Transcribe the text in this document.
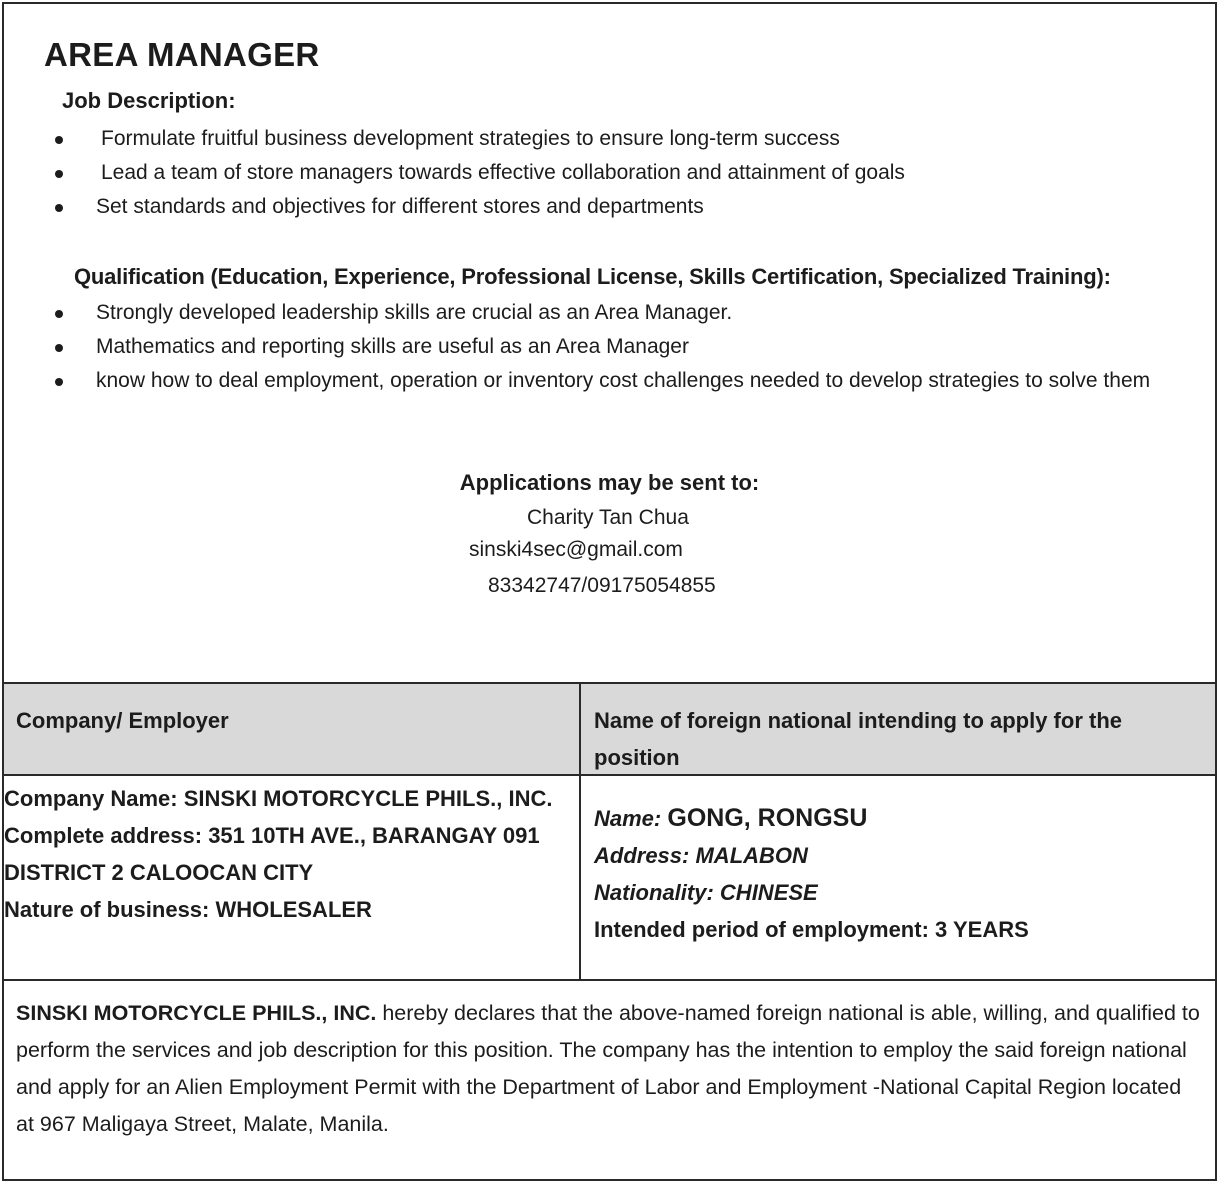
AREA MANAGER
Job Description:
Formulate fruitful business development strategies to ensure long-term success
Lead a team of store managers towards effective collaboration and attainment of goals
Set standards and objectives for different stores and departments
Qualification (Education, Experience, Professional License, Skills Certification, Specialized Training):
Strongly developed leadership skills are crucial as an Area Manager.
Mathematics and reporting skills are useful as an Area Manager
know how to deal employment, operation or inventory cost challenges needed to develop strategies to solve them
Applications may be sent to:
Charity Tan Chua
sinski4sec@gmail.com
83342747/09175054855
Company/ Employer	Name of foreign national intending to apply for the position
Company Name: SINSKI MOTORCYCLE PHILS., INC.
Complete address: 351 10TH AVE., BARANGAY 091
DISTRICT 2 CALOOCAN CITY
Nature of business: WHOLESALER
Name: GONG, RONGSU
Address: MALABON
Nationality: CHINESE
Intended period of employment: 3 YEARS

SINSKI MOTORCYCLE PHILS., INC. hereby declares that the above-named foreign national is able, willing, and qualified to perform the services and job description for this position. The company has the intention to employ the said foreign national and apply for an Alien Employment Permit with the Department of Labor and Employment -National Capital Region located at 967 Maligaya Street, Malate, Manila.
